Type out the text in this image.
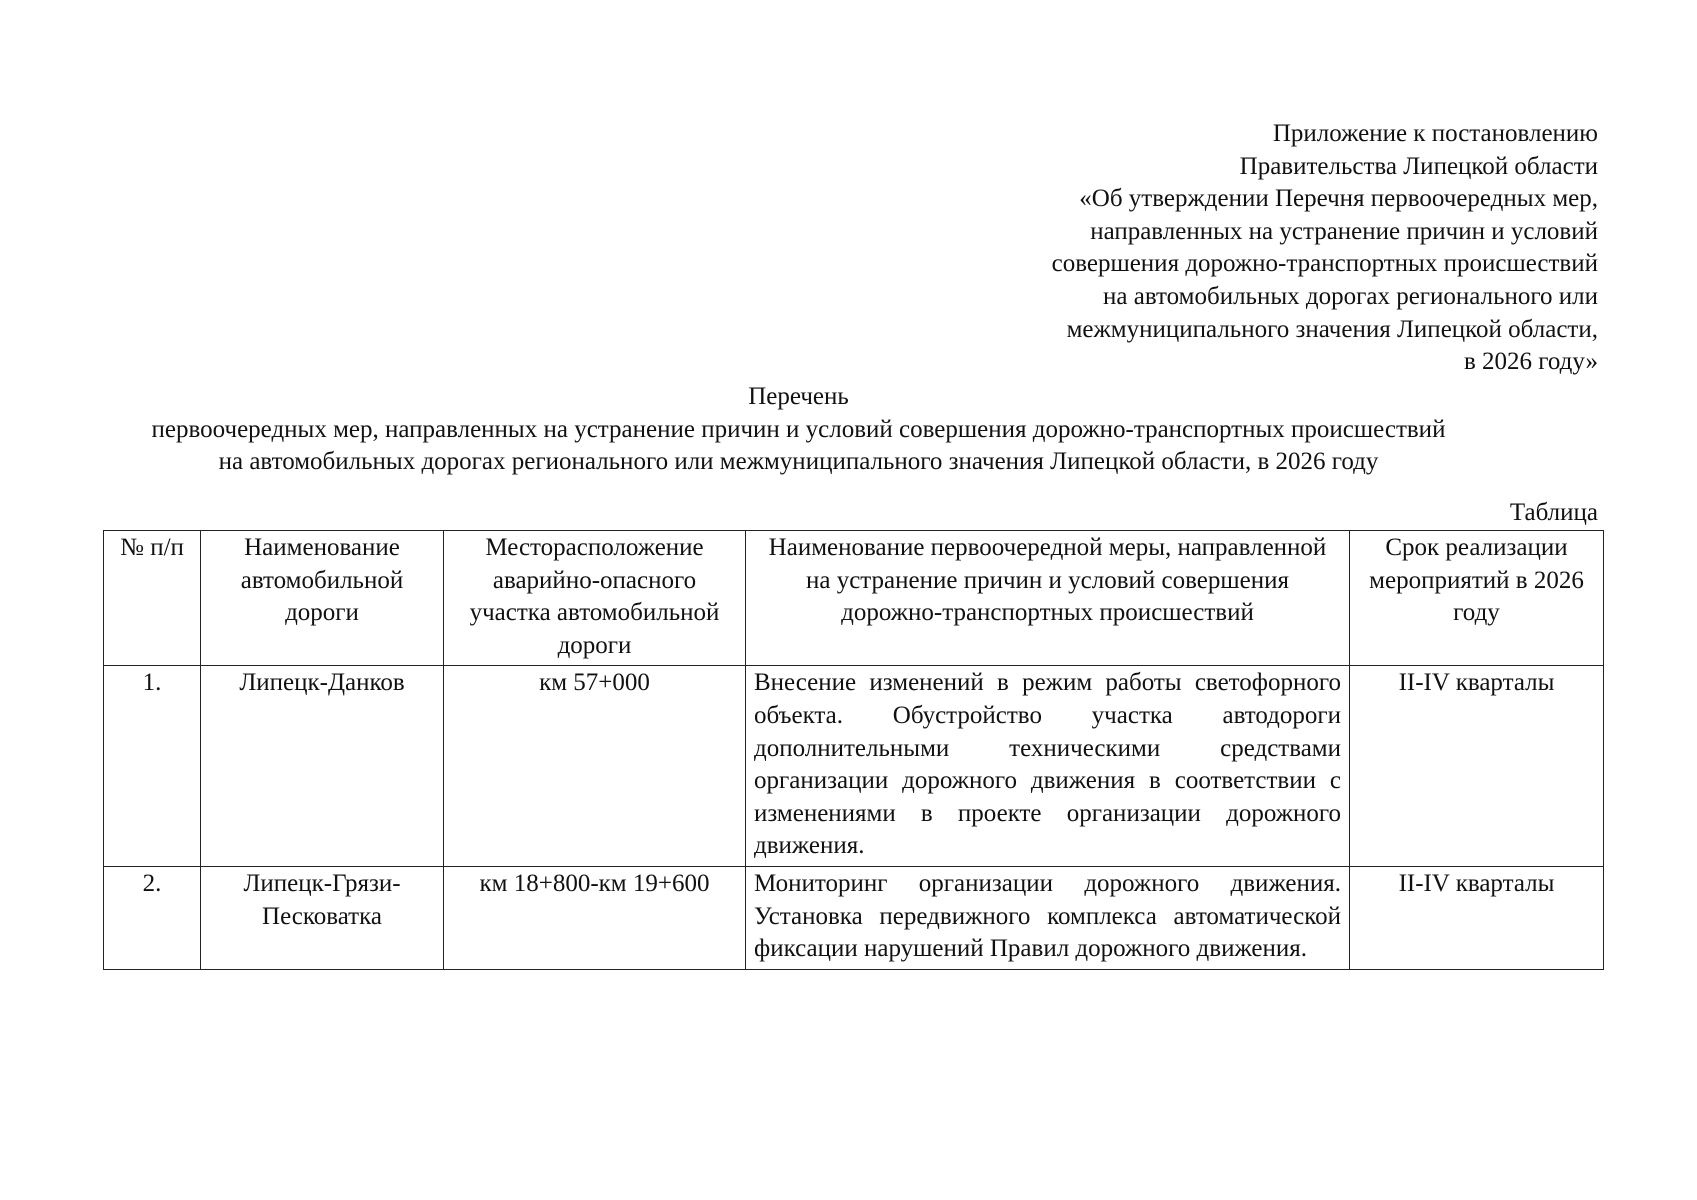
Приложение к постановлению
Правительства Липецкой области
«Об утверждении Перечня первоочередных мер,
направленных на устранение причин и условий
совершения дорожно-транспортных происшествий
на автомобильных дорогах регионального или
межмуниципального значения Липецкой области,
в 2026 году»
Перечень
первоочередных мер, направленных на устранение причин и условий совершения дорожно-транспортных происшествий
на автомобильных дорогах регионального или межмуниципального значения Липецкой области, в 2026 году
Таблица
№ п/п	Наименование автомобильной дороги	Месторасположение аварийно-опасного участка автомобильной дороги	Наименование первоочередной меры, направленной на устранение причин и условий совершения дорожно-транспортных происшествий	Срок реализации мероприятий в 2026 году
1.	Липецк-Данков	км 57+000	Внесение изменений в режим работы светофорного объекта. Обустройство участка автодороги дополнительными техническими средствами организации дорожного движения в соответствии с изменениями в проекте организации дорожного движения.	II-IV кварталы
2.	Липецк-Грязи-Песковатка	км 18+800-км 19+600	Мониторинг организации дорожного движения. Установка передвижного комплекса автоматической фиксации нарушений Правил дорожного движения.	II-IV кварталы
